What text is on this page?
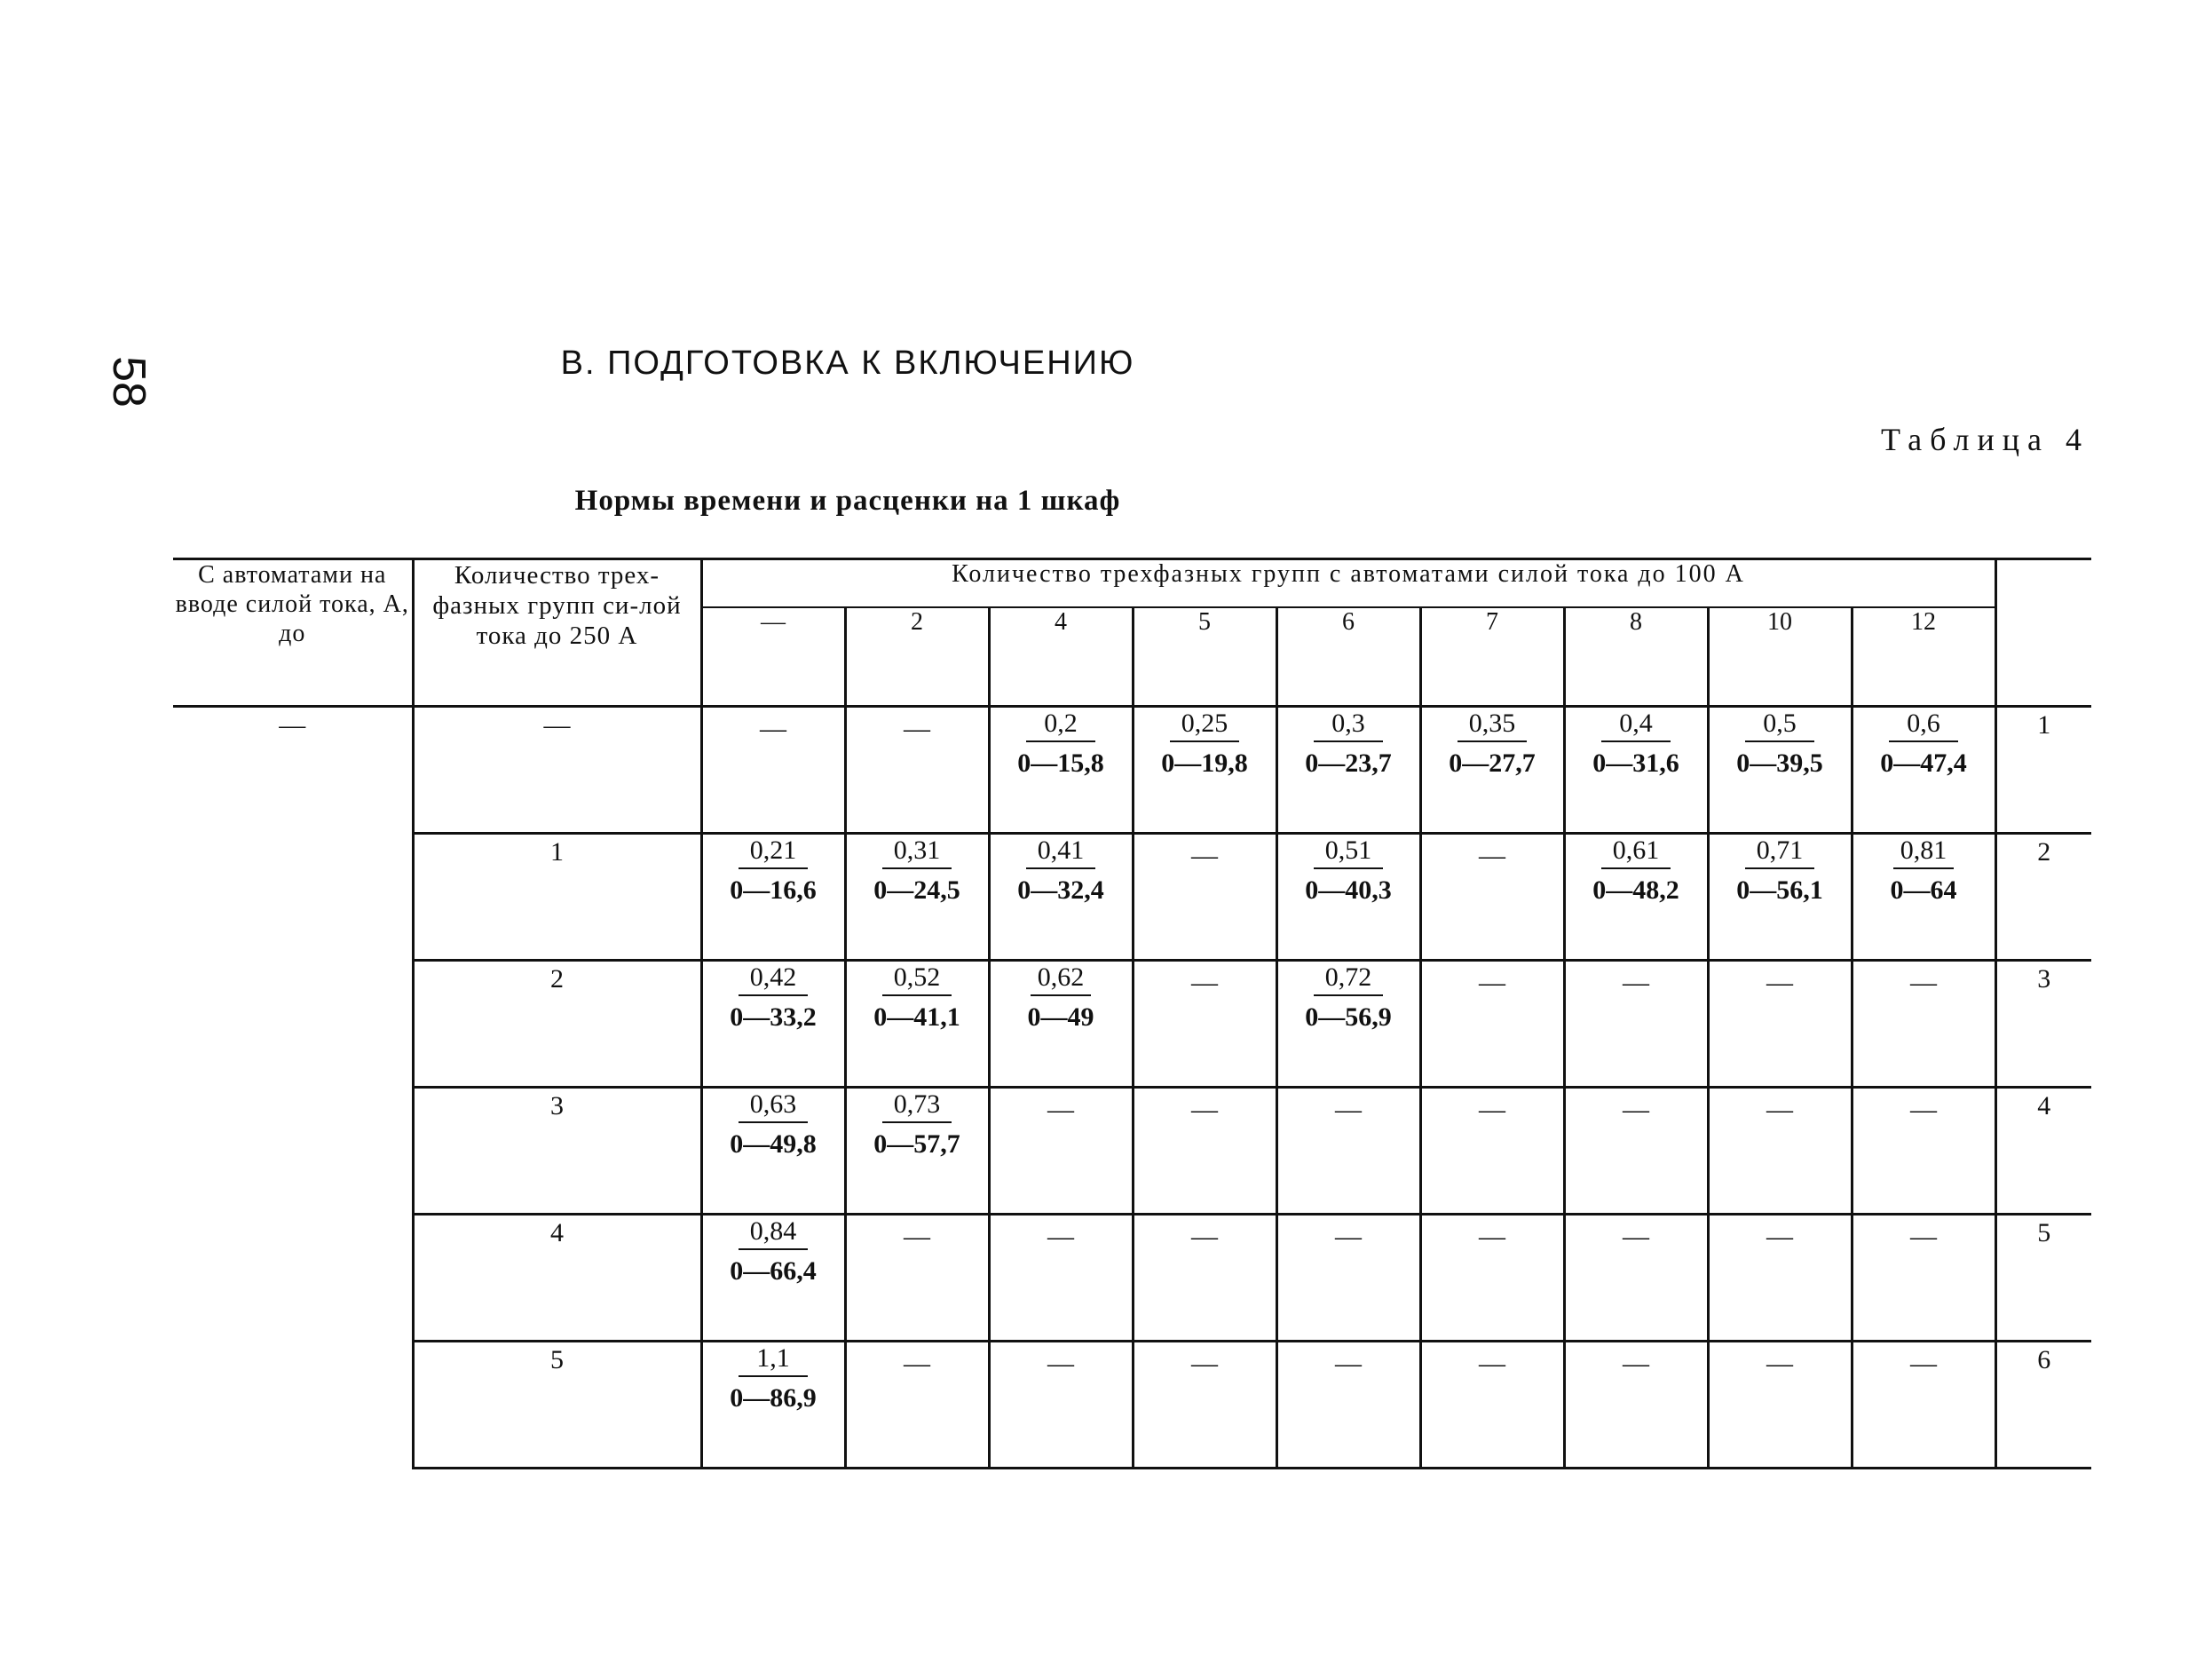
58	В. ПОДГОТОВКА К ВКЛЮЧЕНИЮ
Таблица 4
Нормы времени и расценки на 1 шкаф
С автоматами на вводе силой тока, А, до	Количество трех-фазных групп си-лой тока до 250 А	Количество трехфазных групп с автоматами силой тока до 100 А									
		—	2	4	5	6	7	8	10	12	
—	—	—	—	$\frac{0,2}{0—15,8}$	$\frac{0,25}{0—19,8}$	$\frac{0,3}{0—23,7}$	$\frac{0,35}{0—27,7}$	$\frac{0,4}{0—31,6}$	$\frac{0,5}{0—39,5}$	$\frac{0,6}{0—47,4}$	1
	1	$\frac{0,21}{0—16,6}$	$\frac{0,31}{0—24,5}$	$\frac{0,41}{0—32,4}$	—	$\frac{0,51}{0—40,3}$	—	$\frac{0,61}{0—48,2}$	$\frac{0,71}{0—56,1}$	$\frac{0,81}{0—64}$	2
	2	$\frac{0,42}{0—33,2}$	$\frac{0,52}{0—41,1}$	$\frac{0,62}{0—49}$	—	$\frac{0,72}{0—56,9}$	—	—	—	—	3
	3	$\frac{0,63}{0—49,8}$	$\frac{0,73}{0—57,7}$	—	—	—	—	—	—	—	4
	4	$\frac{0,84}{0—66,4}$	—	—	—	—	—	—	—	—	5
	5	$\frac{1,1}{0—86,9}$	—	—	—	—	—	—	—	—	6
